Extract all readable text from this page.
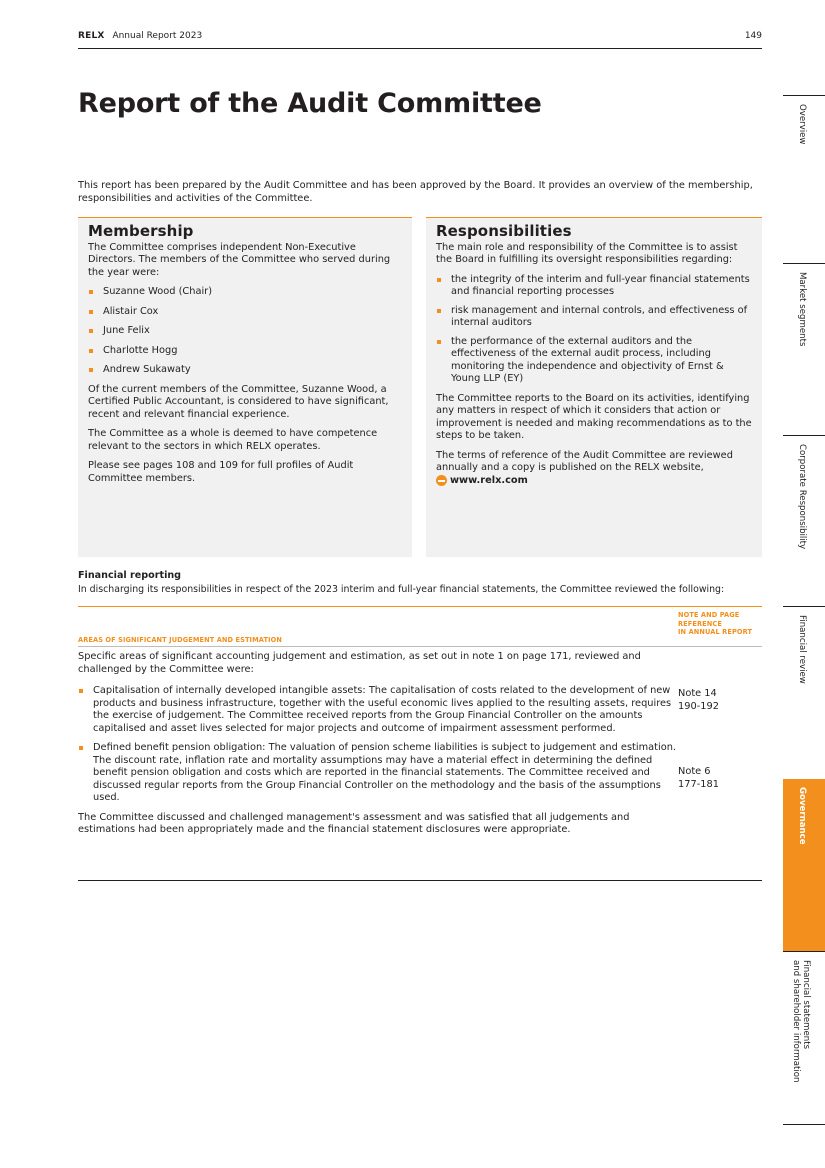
RELX Annual Report 2023	149
Report of the Audit Committee

This report has been prepared by the Audit Committee and has been approved by the Board. It provides an overview of the membership, responsibilities and activities of the Committee.

Membership

The Committee comprises independent Non-Executive Directors. The members of the Committee who served during the year were:

Suzanne Wood (Chair)
Alistair Cox
June Felix
Charlotte Hogg
Andrew Sukawaty

Of the current members of the Committee, Suzanne Wood, a Certified Public Accountant, is considered to have significant, recent and relevant financial experience.

The Committee as a whole is deemed to have competence relevant to the sectors in which RELX operates.

Please see pages 108 and 109 for full profiles of Audit Committee members.

Responsibilities

The main role and responsibility of the Committee is to assist the Board in fulfilling its oversight responsibilities regarding:

the integrity of the interim and full-year financial statements and financial reporting processes
risk management and internal controls, and effectiveness of internal auditors
the performance of the external auditors and the effectiveness of the external audit process, including monitoring the independence and objectivity of Ernst & Young LLP (EY)

The Committee reports to the Board on its activities, identifying any matters in respect of which it considers that action or improvement is needed and making recommendations as to the steps to be taken.

The terms of reference of the Audit Committee are reviewed annually and a copy is published on the RELX website,

www.relx.com
Financial reporting
In discharging its responsibilities in respect of the 2023 interim and full-year financial statements, the Committee reviewed the following:
AREAS OF SIGNIFICANT JUDGEMENT AND ESTIMATION
NOTE AND PAGE
REFERENCE
IN ANNUAL REPORT

Specific areas of significant accounting judgement and estimation, as set out in note 1 on page 171, reviewed and challenged by the Committee were:

Capitalisation of internally developed intangible assets: The capitalisation of costs related to the development of new products and business infrastructure, together with the useful economic lives applied to the resulting assets, requires the exercise of judgement. The Committee received reports from the Group Financial Controller on the amounts capitalised and asset lives selected for major projects and outcome of impairment assessment performed.
Defined benefit pension obligation: The valuation of pension scheme liabilities is subject to judgement and estimation. The discount rate, inflation rate and mortality assumptions may have a material effect in determining the defined benefit pension obligation and costs which are reported in the financial statements. The Committee received and discussed regular reports from the Group Financial Controller on the methodology and the basis of the assumptions used.

The Committee discussed and challenged management's assessment and was satisfied that all judgements and estimations had been appropriately made and the financial statement disclosures were appropriate.

Note 14
190-192
Note 6
177-181
Overview
Market segments
Corporate Responsibility
Financial review
Governance
Financial statements
and shareholder information
